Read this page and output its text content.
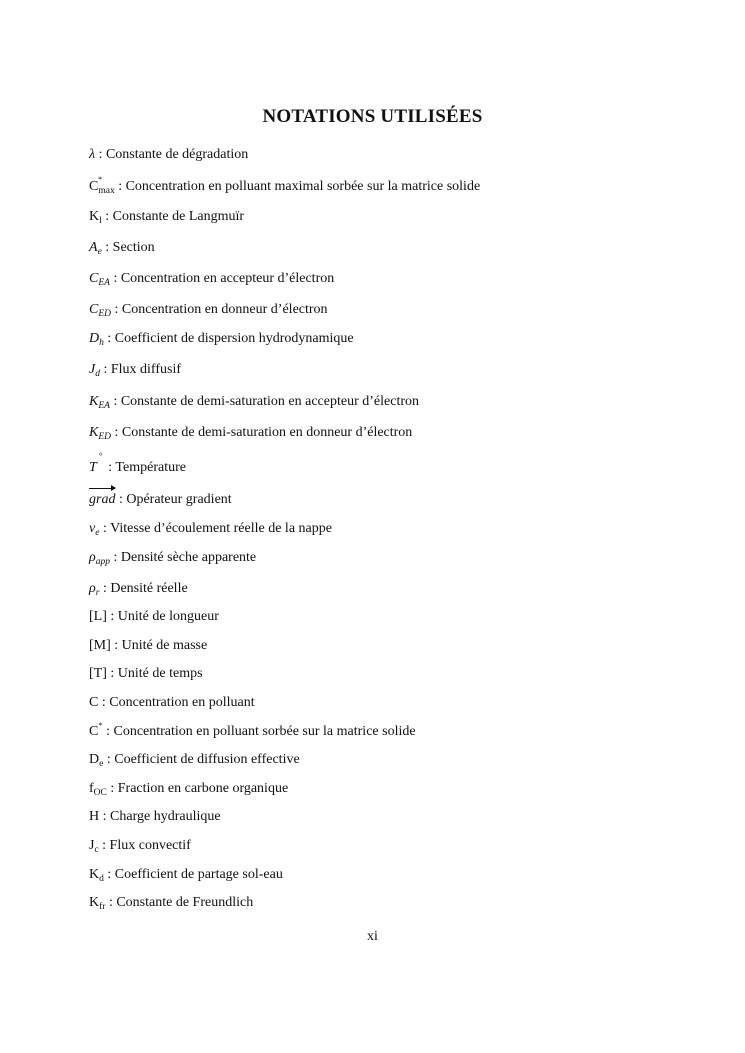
NOTATIONS UTILISÉES
λ : Constante de dégradation
C *
$_{max}$ : Concentration en polluant maximal sorbée sur la matrice solide
$K_l$ : Constante de Langmuïr
$A_e$ : Section
$C_{EA}$ : Concentration en accepteur d’électron
$C_{ED}$ : Concentration en donneur d’électron
$D_h$ : Coefficient de dispersion hydrodynamique
$J_d$ : Flux diffusif
$K_{EA}$ : Constante de demi-saturation en accepteur d’électron
$K_{ED}$ : Constante de demi-saturation en donneur d’électron
T
°
: Température
grad : Opérateur gradient
$v_e$ : Vitesse d’écoulement réelle de la nappe
$\rho_{app}$ : Densité sèche apparente
$\rho_r$ : Densité réelle
[L] : Unité de longueur
[M] : Unité de masse
[T] : Unité de temps
C : Concentration en polluant
C* : Concentration en polluant sorbée sur la matrice solide
$D_e$ : Coefficient de diffusion effective
$f_{OC}$ : Fraction en carbone organique
H : Charge hydraulique
$J_c$ : Flux convectif
$K_d$ : Coefficient de partage sol-eau
$K_{fr}$ : Constante de Freundlich
xi
